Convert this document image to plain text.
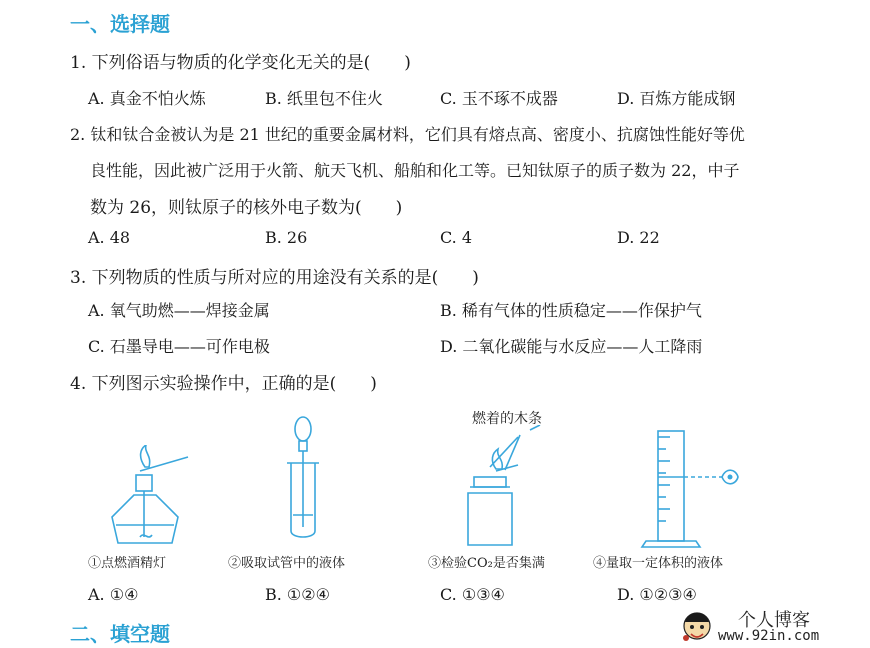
一、选择题
1. 下列俗语与物质的化学变化无关的是(　　)
A. 真金不怕火炼	B. 纸里包不住火	C. 玉不琢不成器	D. 百炼方能成钢
2. 钛和钛合金被认为是 21 世纪的重要金属材料，它们具有熔点高、密度小、抗腐蚀性能好等优
良性能，因此被广泛用于火箭、航天飞机、船舶和化工等。已知钛原子的质子数为 22，中子
数为 26，则钛原子的核外电子数为(　　)
A. 48	B. 26	C. 4	D. 22
3. 下列物质的性质与所对应的用途没有关系的是(　　)
A. 氧气助燃——焊接金属	B. 稀有气体的性质稳定——作保护气
C. 石墨导电——可作电极	D. 二氧化碳能与水反应——人工降雨
4. 下列图示实验操作中，正确的是(　　)
燃着的木条
①点燃酒精灯	②吸取试管中的液体	③检验CO₂是否集满	④量取一定体积的液体
A. ①④	B. ①②④	C. ①③④	D. ①②③④
二、填空题
个人博客
www.92in.com
